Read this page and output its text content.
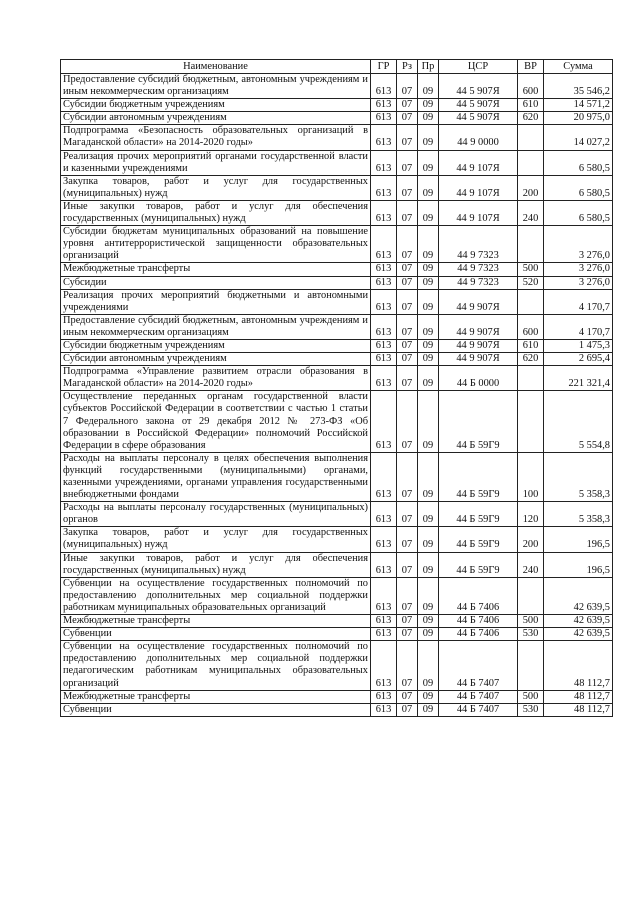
Наименование	ГР	Рз	Пр	ЦСР	ВР	Сумма
Предоставление субсидий бюджетным, автономным учреждениям и иным некоммерческим организациям	613	07	09	44 5 907Я	600	35 546,2
Субсидии бюджетным учреждениям	613	07	09	44 5 907Я	610	14 571,2
Субсидии автономным учреждениям	613	07	09	44 5 907Я	620	20 975,0
Подпрограмма «Безопасность образовательных организаций в Магаданской области» на 2014-2020 годы»	613	07	09	44 9 0000		14 027,2
Реализация прочих мероприятий органами государственной власти и казенными учреждениями	613	07	09	44 9 107Я		6 580,5
Закупка товаров, работ и услуг для государственных (муниципальных) нужд	613	07	09	44 9 107Я	200	6 580,5
Иные закупки товаров, работ и услуг для обеспечения государственных (муниципальных) нужд	613	07	09	44 9 107Я	240	6 580,5
Субсидии бюджетам муниципальных образований на повышение уровня антитеррористической защищенности образовательных организаций	613	07	09	44 9 7323		3 276,0
Межбюджетные трансферты	613	07	09	44 9 7323	500	3 276,0
Субсидии	613	07	09	44 9 7323	520	3 276,0
Реализация прочих мероприятий бюджетными и автономными учреждениями	613	07	09	44 9 907Я		4 170,7
Предоставление субсидий бюджетным, автономным учреждениям и иным некоммерческим организациям	613	07	09	44 9 907Я	600	4 170,7
Субсидии бюджетным учреждениям	613	07	09	44 9 907Я	610	1 475,3
Субсидии автономным учреждениям	613	07	09	44 9 907Я	620	2 695,4
Подпрограмма «Управление развитием отрасли образования в Магаданской области» на 2014-2020 годы»	613	07	09	44 Б 0000		221 321,4
Осуществление переданных органам государственной власти субъектов Российской Федерации в соответствии с частью 1 статьи 7 Федерального закона от 29 декабря 2012 № 273-ФЗ «Об образовании в Российской Федерации» полномочий Российской Федерации в сфере образования	613	07	09	44 Б 59Г9		5 554,8
Расходы на выплаты персоналу в целях обеспечения выполнения функций государственными (муниципальными) органами, казенными учреждениями, органами управления государственными внебюджетными фондами	613	07	09	44 Б 59Г9	100	5 358,3
Расходы на выплаты персоналу государственных (муниципальных) органов	613	07	09	44 Б 59Г9	120	5 358,3
Закупка товаров, работ и услуг для государственных (муниципальных) нужд	613	07	09	44 Б 59Г9	200	196,5
Иные закупки товаров, работ и услуг для обеспечения государственных (муниципальных) нужд	613	07	09	44 Б 59Г9	240	196,5
Субвенции на осуществление государственных полномочий по предоставлению дополнительных мер социальной поддержки работникам муниципальных образовательных организаций	613	07	09	44 Б 7406		42 639,5
Межбюджетные трансферты	613	07	09	44 Б 7406	500	42 639,5
Субвенции	613	07	09	44 Б 7406	530	42 639,5
Субвенции на осуществление государственных полномочий по предоставлению дополнительных мер социальной поддержки педагогическим работникам муниципальных образовательных организаций	613	07	09	44 Б 7407		48 112,7
Межбюджетные трансферты	613	07	09	44 Б 7407	500	48 112,7
Субвенции	613	07	09	44 Б 7407	530	48 112,7
